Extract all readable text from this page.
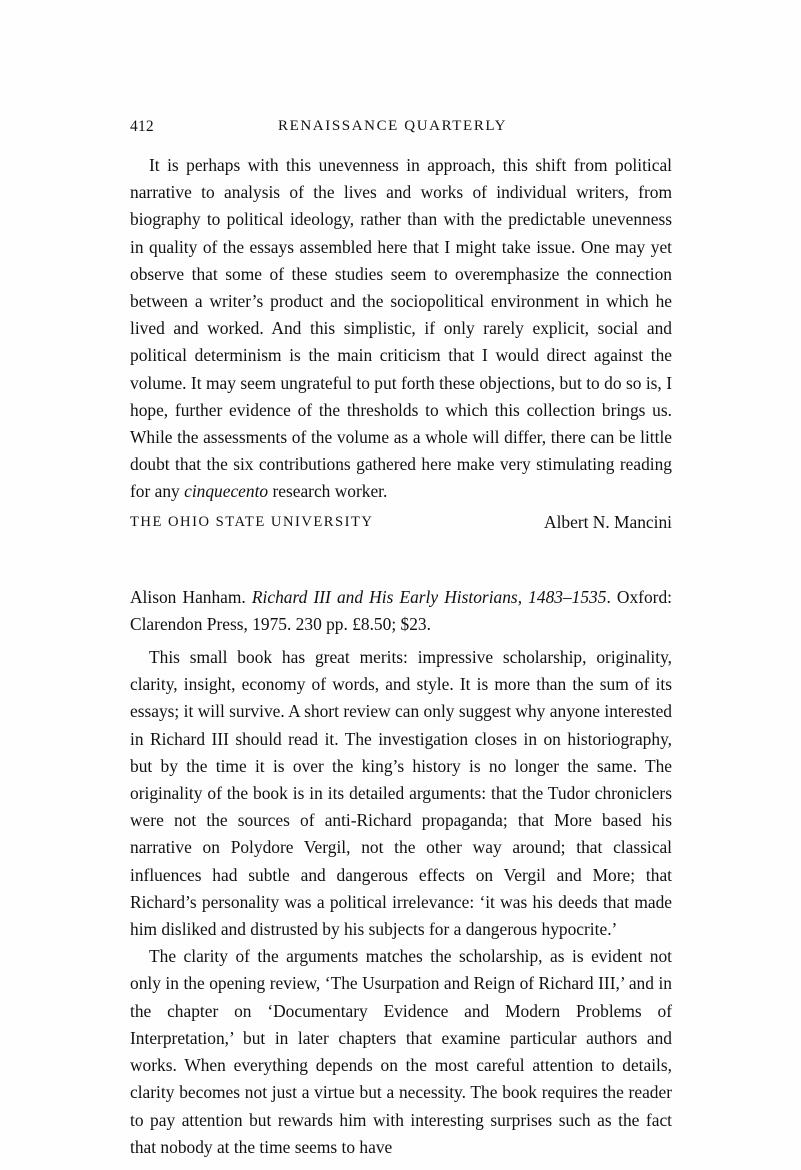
412	RENAISSANCE QUARTERLY

It is perhaps with this unevenness in approach, this shift from political narrative to analysis of the lives and works of individual writers, from biography to political ideology, rather than with the predictable unevenness in quality of the essays assembled here that I might take issue. One may yet observe that some of these studies seem to overemphasize the connection between a writer’s product and the sociopolitical environment in which he lived and worked. And this simplistic, if only rarely explicit, social and political determinism is the main criticism that I would direct against the volume. It may seem ungrateful to put forth these objections, but to do so is, I hope, further evidence of the thresholds to which this collection brings us. While the assessments of the volume as a whole will differ, there can be little doubt that the six contributions gathered here make very stimulating reading for any cinquecento research worker.

THE OHIO STATE UNIVERSITY	Albert N. Mancini

Alison Hanham. Richard III and His Early Historians, 1483–1535. Oxford: Clarendon Press, 1975. 230 pp. £8.50; $23.

This small book has great merits: impressive scholarship, originality, clarity, insight, economy of words, and style. It is more than the sum of its essays; it will survive. A short review can only suggest why anyone interested in Richard III should read it. The investigation closes in on historiography, but by the time it is over the king’s history is no longer the same. The originality of the book is in its detailed arguments: that the Tudor chroniclers were not the sources of anti-Richard propaganda; that More based his narrative on Polydore Vergil, not the other way around; that classical influences had subtle and dangerous effects on Vergil and More; that Richard’s personality was a political irrelevance: ‘it was his deeds that made him disliked and distrusted by his subjects for a dangerous hypocrite.’

The clarity of the arguments matches the scholarship, as is evident not only in the opening review, ‘The Usurpation and Reign of Richard III,’ and in the chapter on ‘Documentary Evidence and Modern Problems of Interpretation,’ but in later chapters that examine particular authors and works. When everything depends on the most careful attention to details, clarity becomes not just a virtue but a necessity. The book requires the reader to pay attention but rewards him with interesting surprises such as the fact that nobody at the time seems to have
